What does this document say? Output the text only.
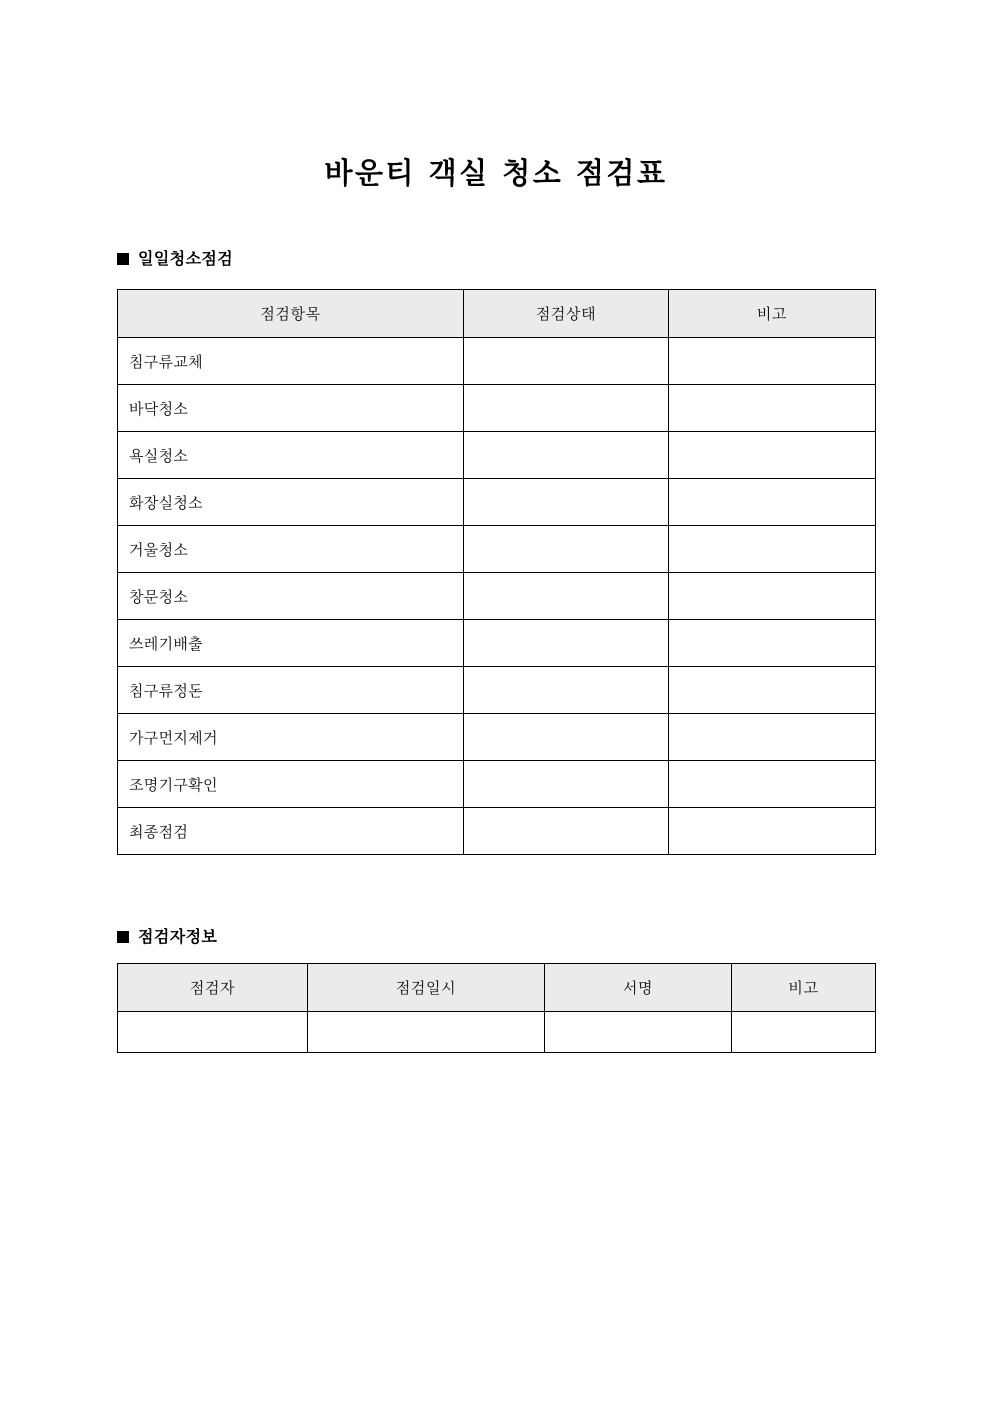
바운티 객실 청소 점검표
일일청소점검
점검항목	점검상태	비고
침구류교체		
바닥청소		
욕실청소		
화장실청소		
거울청소		
창문청소		
쓰레기배출		
침구류정돈		
가구먼지제거		
조명기구확인		
최종점검		
점검자정보
점검자	점검일시	서명	비고
